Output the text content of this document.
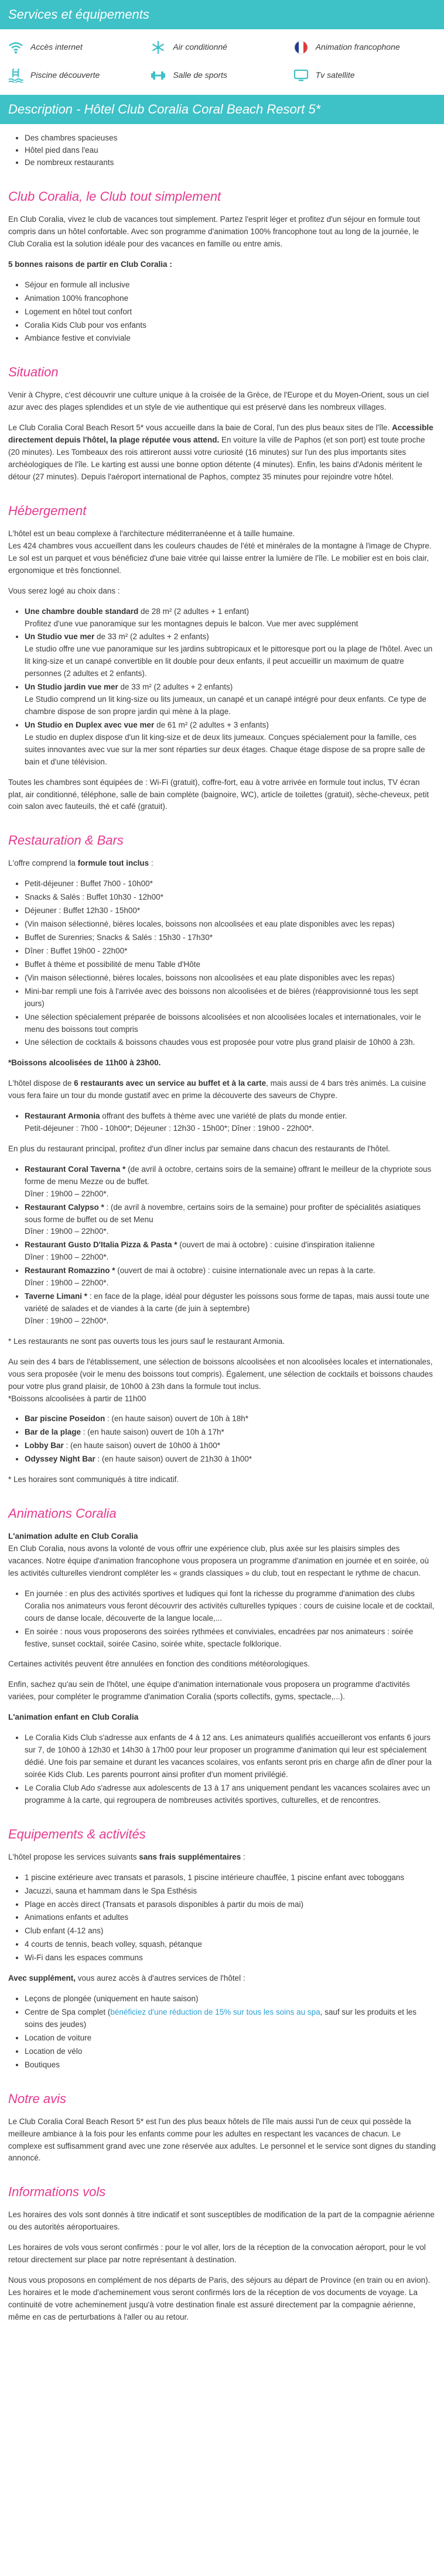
Services et équipements
Accès internet	Air conditionné	Animation francophone
Piscine découverte	Salle de sports	Tv satellite
Description - Hôtel Club Coralia Coral Beach Resort 5*
• Des chambres spacieuses
• Hôtel pied dans l'eau
• De nombreux restaurants
Club Coralia, le Club tout simplement

En Club Coralia, vivez le club de vacances tout simplement. Partez l'esprit léger et profitez d'un séjour en formule tout compris dans un hôtel confortable. Avec son programme d'animation 100% francophone tout au long de la journée, le Club Coralia est la solution idéale pour des vacances en famille ou entre amis.

5 bonnes raisons de partir en Club Coralia :

• Séjour en formule all inclusive
• Animation 100% francophone
• Logement en hôtel tout confort
• Coralia Kids Club pour vos enfants
• Ambiance festive et conviviale
Situation

Venir à Chypre, c'est découvrir une culture unique à la croisée de la Grèce, de l'Europe et du Moyen-Orient, sous un ciel azur avec des plages splendides et un style de vie authentique qui est préservé dans les nombreux villages.

Le Club Coralia Coral Beach Resort 5* vous accueille dans la baie de Coral, l'un des plus beaux sites de l'île. Accessible directement depuis l'hôtel, la plage réputée vous attend. En voiture la ville de Paphos (et son port) est toute proche (20 minutes). Les Tombeaux des rois attireront aussi votre curiosité (16 minutes) sur l'un des plus importants sites archéologiques de l'île. Le karting est aussi une bonne option détente (4 minutes). Enfin, les bains d'Adonis méritent le détour (27 minutes). Depuis l'aéroport international de Paphos, comptez 35 minutes pour rejoindre votre hôtel.

Hébergement

L'hôtel est un beau complexe à l'architecture méditerranéenne et à taille humaine.
Les 424 chambres vous accueillent dans les couleurs chaudes de l'été et minérales de la montagne à l'image de Chypre. Le sol est un parquet et vous bénéficiez d'une baie vitrée qui laisse entrer la lumière de l'île. Le mobilier est en bois clair, ergonomique et très fonctionnel.

Vous serez logé au choix dans :

• Une chambre double standard de 28 m² (2 adultes + 1 enfant)
Profitez d'une vue panoramique sur les montagnes depuis le balcon. Vue mer avec supplément
• Un Studio vue mer de 33 m² (2 adultes + 2 enfants)
Le studio offre une vue panoramique sur les jardins subtropicaux et le pittoresque port ou la plage de l'hôtel. Avec un lit king-size et un canapé convertible en lit double pour deux enfants, il peut accueillir un maximum de quatre personnes (2 adultes et 2 enfants).
• Un Studio jardin vue mer de 33 m² (2 adultes + 2 enfants)
Le Studio comprend un lit king-size ou lits jumeaux, un canapé et un canapé intégré pour deux enfants. Ce type de chambre dispose de son propre jardin qui mène à la plage.
• Un Studio en Duplex avec vue mer de 61 m² (2 adultes + 3 enfants)
Le studio en duplex dispose d'un lit king-size et de deux lits jumeaux. Conçues spécialement pour la famille, ces suites innovantes avec vue sur la mer sont réparties sur deux étages. Chaque étage dispose de sa propre salle de bain et d'une télévision.

Toutes les chambres sont équipées de : Wi-Fi (gratuit), coffre-fort, eau à votre arrivée en formule tout inclus, TV écran plat, air conditionné, téléphone, salle de bain complète (baignoire, WC), article de toilettes (gratuit), sèche-cheveux, petit coin salon avec fauteuils, thé et café (gratuit).

Restauration & Bars

L'offre comprend la formule tout inclus :

• Petit-déjeuner : Buffet 7h00 - 10h00*
• Snacks & Salés : Buffet 10h30 - 12h00*
• Déjeuner : Buffet 12h30 - 15h00*
• (Vin maison sélectionné, bières locales, boissons non alcoolisées et eau plate disponibles avec les repas)
• Buffet de Surenries; Snacks & Salés : 15h30 - 17h30*
• Dîner : Buffet 19h00 - 22h00*
• Buffet à thème et possibilité de menu Table d'Hôte
• (Vin maison sélectionné, bières locales, boissons non alcoolisées et eau plate disponibles avec les repas)
• Mini-bar rempli une fois à l'arrivée avec des boissons non alcoolisées et de bières (réapprovisionné tous les sept jours)
• Une sélection spécialement préparée de boissons alcoolisées et non alcoolisées locales et internationales, voir le menu des boissons tout compris
• Une sélection de cocktails & boissons chaudes vous est proposée pour votre plus grand plaisir de 10h00 à 23h.

*Boissons alcoolisées de 11h00 à 23h00.

L'hôtel dispose de 6 restaurants avec un service au buffet et à la carte, mais aussi de 4 bars très animés. La cuisine vous fera faire un tour du monde gustatif avec en prime la découverte des saveurs de Chypre.

• Restaurant Armonia offrant des buffets à thème avec une variété de plats du monde entier.
Petit-déjeuner : 7h00 - 10h00*; Déjeuner : 12h30 - 15h00*; Dîner : 19h00 - 22h00*.

En plus du restaurant principal, profitez d'un dîner inclus par semaine dans chacun des restaurants de l'hôtel.

• Restaurant Coral Taverna * (de avril à octobre, certains soirs de la semaine) offrant le meilleur de la chypriote sous forme de menu Mezze ou de buffet.
Dîner : 19h00 – 22h00*.
• Restaurant Calypso * : (de avril à novembre, certains soirs de la semaine) pour profiter de spécialités asiatiques sous forme de buffet ou de set Menu
Dîner : 19h00 – 22h00*.
• Restaurant Gusto D'Italia Pizza & Pasta * (ouvert de mai à octobre) : cuisine d'inspiration italienne
Dîner : 19h00 – 22h00*.
• Restaurant Romazzino * (ouvert de mai à octobre) : cuisine internationale avec un repas à la carte.
Dîner : 19h00 – 22h00*.
• Taverne Limani * : en face de la plage, idéal pour déguster les poissons sous forme de tapas, mais aussi toute une variété de salades et de viandes à la carte (de juin à septembre)
Dîner : 19h00 – 22h00*.

* Les restaurants ne sont pas ouverts tous les jours sauf le restaurant Armonia.

Au sein des 4 bars de l'établissement, une sélection de boissons alcoolisées et non alcoolisées locales et internationales, vous sera proposée (voir le menu des boissons tout compris). Également, une sélection de cocktails et boissons chaudes pour votre plus grand plaisir, de 10h00 à 23h dans la formule tout inclus.
*Boissons alcoolisées à partir de 11h00

• Bar piscine Poseidon : (en haute saison) ouvert de 10h à 18h*
• Bar de la plage : (en haute saison) ouvert de 10h à 17h*
• Lobby Bar : (en haute saison) ouvert de 10h00 à 1h00*
• Odyssey Night Bar : (en haute saison) ouvert de 21h30 à 1h00*

* Les horaires sont communiqués à titre indicatif.

Animations Coralia

L'animation adulte en Club Coralia
En Club Coralia, nous avons la volonté de vous offrir une expérience club, plus axée sur les plaisirs simples des vacances. Notre équipe d'animation francophone vous proposera un programme d'animation en journée et en soirée, où les activités culturelles viendront compléter les « grands classiques » du club, tout en respectant le rythme de chacun.

• En journée : en plus des activités sportives et ludiques qui font la richesse du programme d'animation des clubs Coralia nos animateurs vous feront découvrir des activités culturelles typiques : cours de cuisine locale et de cocktail, cours de danse locale, découverte de la langue locale,...
• En soirée : nous vous proposerons des soirées rythmées et conviviales, encadrées par nos animateurs : soirée festive, sunset cocktail, soirée Casino, soirée white, spectacle folklorique.

Certaines activités peuvent être annulées en fonction des conditions météorologiques.

Enfin, sachez qu'au sein de l'hôtel, une équipe d'animation internationale vous proposera un programme d'activités variées, pour compléter le programme d'animation Coralia (sports collectifs, gyms, spectacle,...).

L'animation enfant en Club Coralia

• Le Coralia Kids Club s'adresse aux enfants de 4 à 12 ans. Les animateurs qualifiés accueilleront vos enfants 6 jours sur 7, de 10h00 à 12h30 et 14h30 à 17h00 pour leur proposer un programme d'animation qui leur est spécialement dédié. Une fois par semaine et durant les vacances scolaires, vos enfants seront pris en charge afin de dîner pour la soirée Kids Club. Les parents pourront ainsi profiter d'un moment privilégié.
• Le Coralia Club Ado s'adresse aux adolescents de 13 à 17 ans uniquement pendant les vacances scolaires avec un programme à la carte, qui regroupera de nombreuses activités sportives, culturelles, et de rencontres.
Equipements & activités

L'hôtel propose les services suivants sans frais supplémentaires :

• 1 piscine extérieure avec transats et parasols, 1 piscine intérieure chauffée, 1 piscine enfant avec toboggans
• Jacuzzi, sauna et hammam dans le Spa Esthésis
• Plage en accès direct (Transats et parasols disponibles à partir du mois de mai)
• Animations enfants et adultes
• Club enfant (4-12 ans)
• 4 courts de tennis, beach volley, squash, pétanque
• Wi-Fi dans les espaces communs

Avec supplément, vous aurez accès à d'autres services de l'hôtel :

• Leçons de plongée (uniquement en haute saison)
• Centre de Spa complet (bénéficiez d'une réduction de 15% sur tous les soins au spa, sauf sur les produits et les soins des jeudes)
• Location de voiture
• Location de vélo
• Boutiques
Notre avis

Le Club Coralia Coral Beach Resort 5* est l'un des plus beaux hôtels de l'île mais aussi l'un de ceux qui possède la meilleure ambiance à la fois pour les enfants comme pour les adultes en respectant les vacances de chacun. Le complexe est suffisamment grand avec une zone réservée aux adultes. Le personnel et le service sont dignes du standing annoncé.

Informations vols

Les horaires des vols sont donnés à titre indicatif et sont susceptibles de modification de la part de la compagnie aérienne ou des autorités aéroportuaires.

Les horaires de vols vous seront confirmés : pour le vol aller, lors de la réception de la convocation aéroport, pour le vol retour directement sur place par notre représentant à destination.

Nous vous proposons en complément de nos départs de Paris, des séjours au départ de Province (en train ou en avion). Les horaires et le mode d'acheminement vous seront confirmés lors de la réception de vos documents de voyage. La continuité de votre acheminement jusqu'à votre destination finale est assuré directement par la compagnie aérienne, même en cas de perturbations à l'aller ou au retour.
